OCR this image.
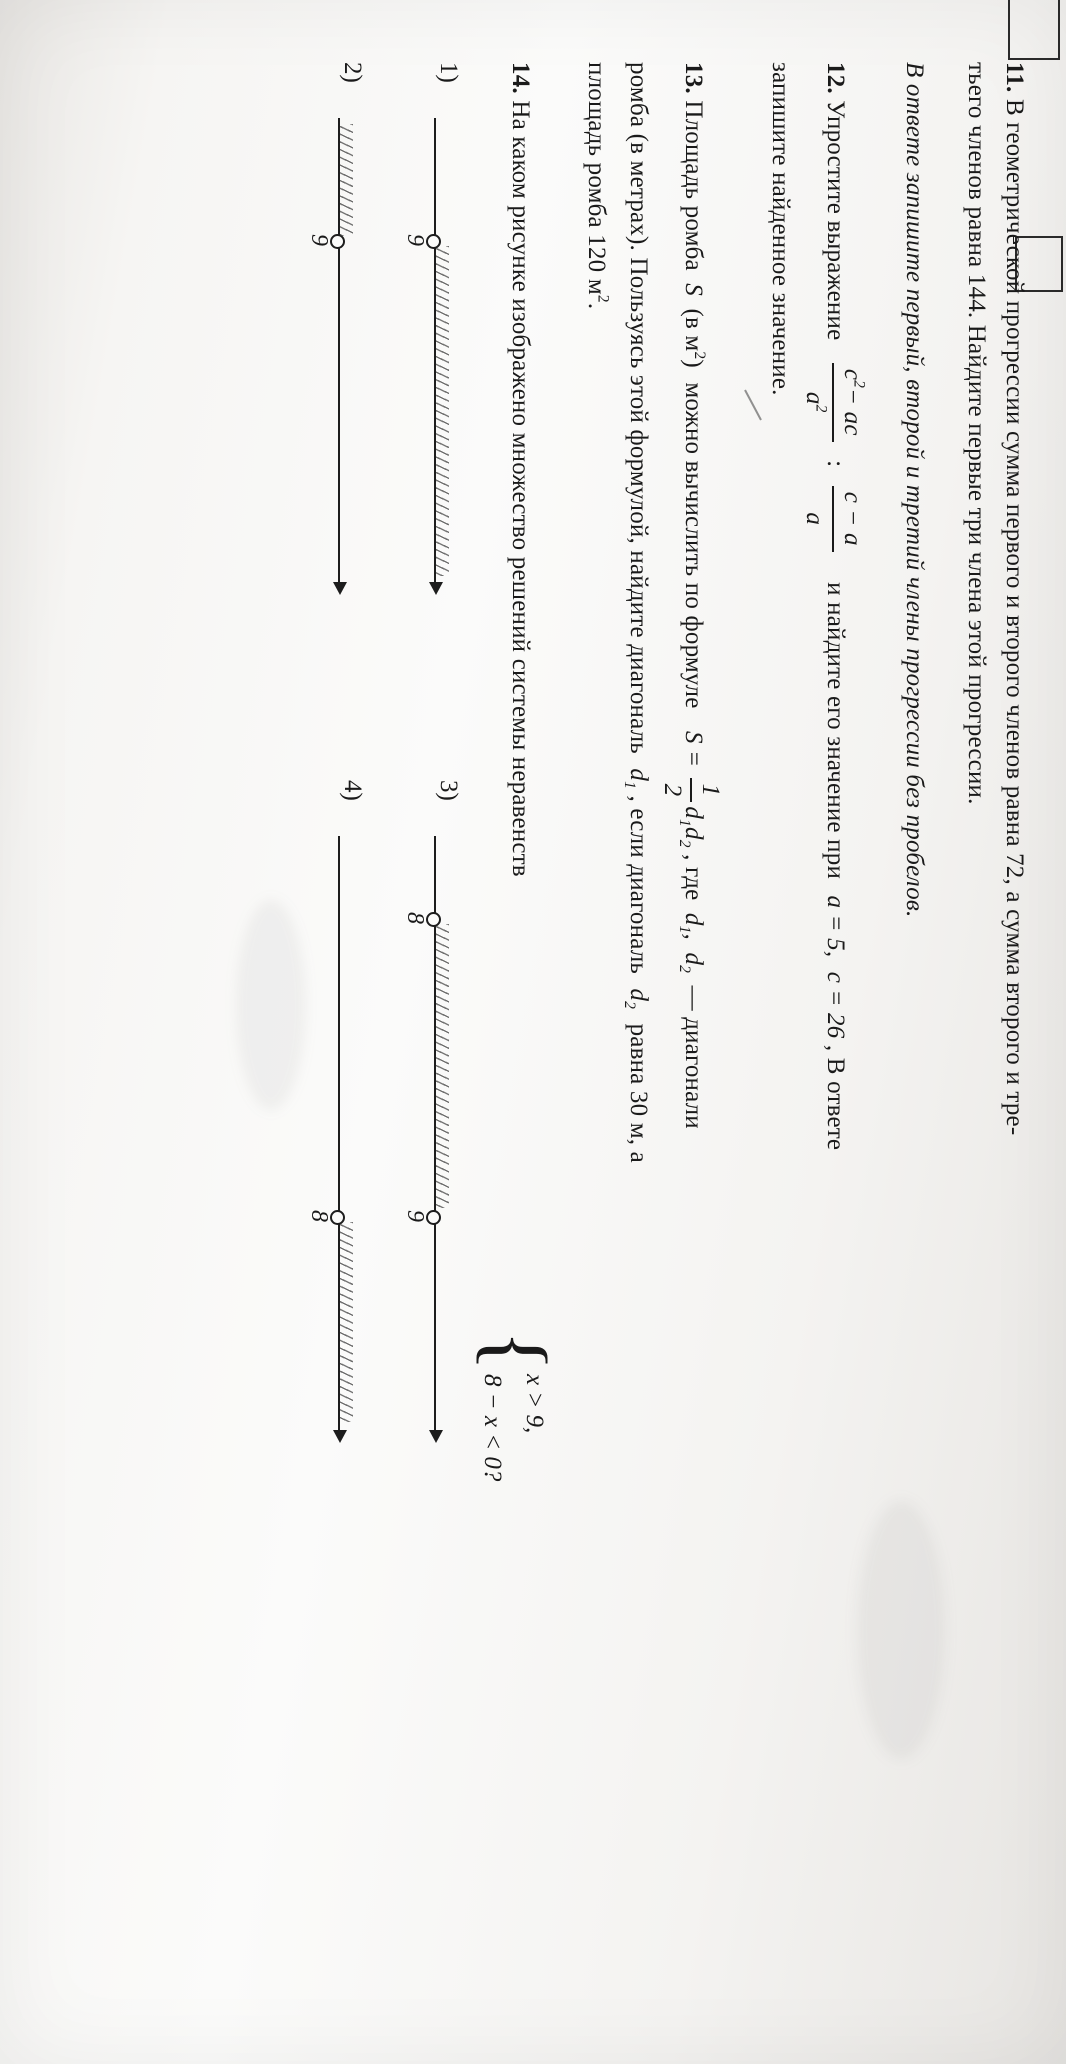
11. В геометрической прогрессии сумма первого и второго членов равна 72, а сумма второго и тре-
тьего членов равна 144. Найдите первые три члена этой прогрессии.
В ответе запишите первый, второй и третий члены прогрессии без пробелов.
12. Упростите выражение
$c^2-$ ac
$a^2$
:
c − a
a
и найдите его значение при a = 5, c = 26 , В ответе
запишите найденное значение.
13. Площадь ромба S (в $м^2$) можно вычислить по формуле S =
1
2
$d_1d_2$ , где $d_1$, $d_2$ — диагонали
ромба (в метрах). Пользуясь этой формулой, найдите диагональ $d_1$ , если диагональ $d_2$ равна 30 м, а
площадь ромба 120 $м^2$.
14. На каком рисунке изображено множество решений системы неравенств
{
x > 9,
8 − x < 0?
1)
9
2)
9
3)
8
9
4)
8
